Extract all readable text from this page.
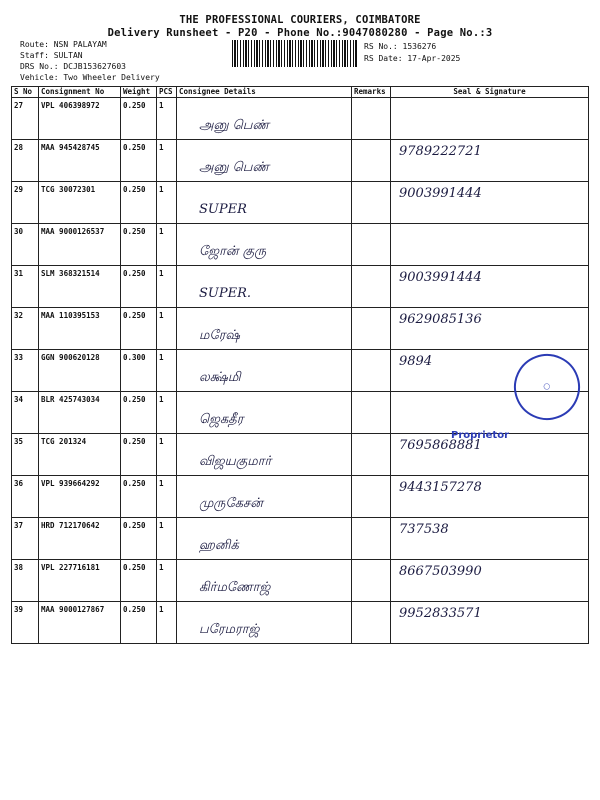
THE PROFESSIONAL COURIERS, COIMBATORE
Delivery Runsheet - P20 - Phone No.:9047080280 - Page No.:3
Route: NSN PALAYAM
Staff: SULTAN
DRS No.: DCJB153627603
Vehicle: Two Wheeler Delivery
RS No.: 1536276
RS Date: 17-Apr-2025
S No	Consignment No	Weight	PCS	Consignee Details	Remarks	Seal & Signature
27	VPL 406398972	0.250	1	அனு பெண்		

28	MAA 945428745	0.250	1	அனு பெண்		9789222721

29	TCG 30072301	0.250	1	SUPER		9003991444

30	MAA 9000126537	0.250	1	ஜோன் குரு		

31	SLM 368321514	0.250	1	SUPER.		9003991444

32	MAA 110395153	0.250	1	மரேஷ்		9629085136

33	GGN 900620128	0.300	1	லக்ஷ்மி		9894

34	BLR 425743034	0.250	1	ஜெகதீர		

35	TCG 201324	0.250	1	விஜயகுமார்		7695868881

36	VPL 939664292	0.250	1	முருகேசன்		9443157278

37	HRD 712170642	0.250	1	ஹனிக்		737538

38	VPL 227716181	0.250	1	கிர்மணோஜ்		8667503990

39	MAA 9000127867	0.250	1	பரேமராஜ்		9952833571
◯
Proprietor
